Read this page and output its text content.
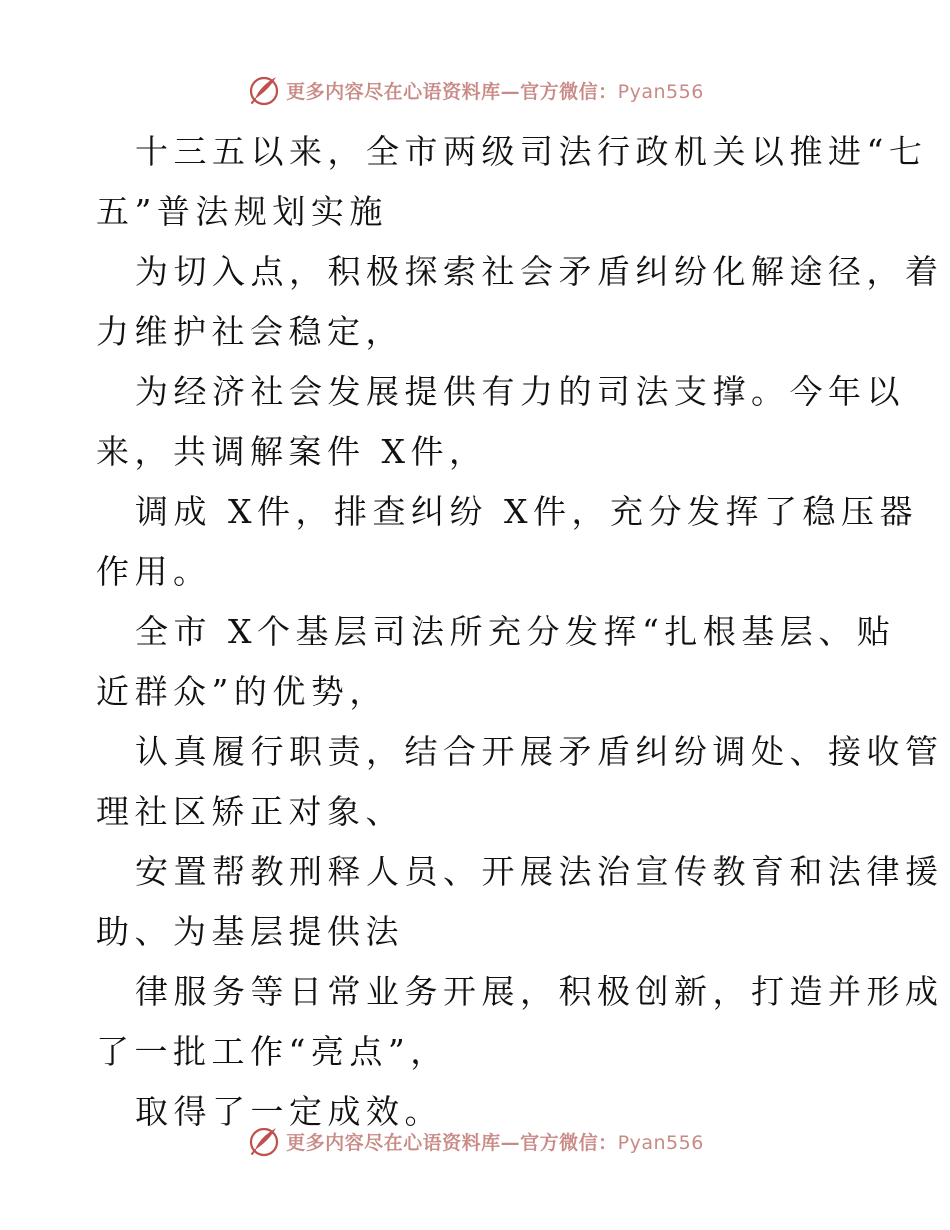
更多内容尽在心语资料库—官方微信：Pyan556
十三五以来，全市两级司法行政机关以推进“七
五”普法规划实施
为切入点，积极探索社会矛盾纠纷化解途径，着
力维护社会稳定，
为经济社会发展提供有力的司法支撑。今年以
来，共调解案件 X件，
调成 X件，排查纠纷 X件，充分发挥了稳压器
作用。
全市 X个基层司法所充分发挥“扎根基层、贴
近群众”的优势，
认真履行职责，结合开展矛盾纠纷调处、接收管
理社区矫正对象、
安置帮教刑释人员、开展法治宣传教育和法律援
助、为基层提供法
律服务等日常业务开展，积极创新，打造并形成
了一批工作“亮点”，
取得了一定成效。
更多内容尽在心语资料库—官方微信：Pyan556
